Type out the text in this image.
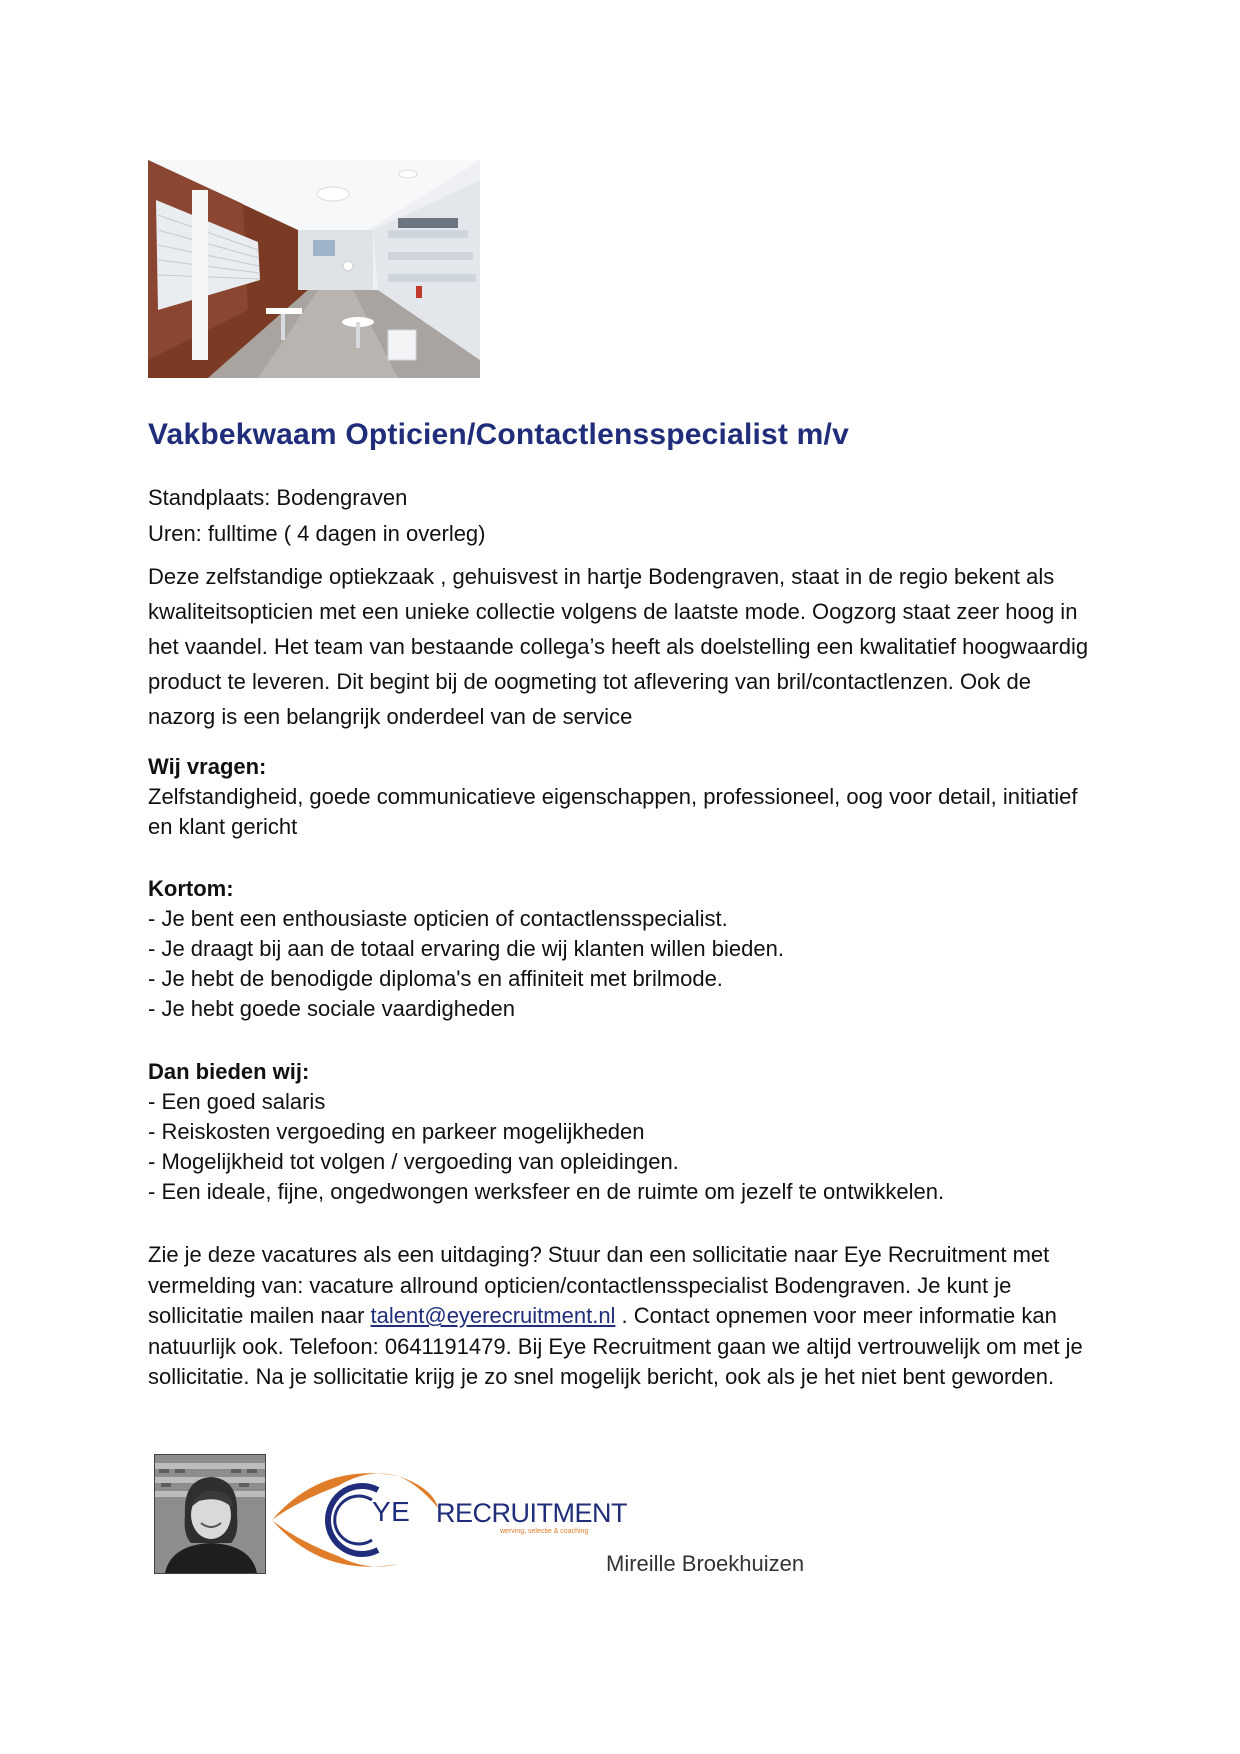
Vakbekwaam Opticien/Contactlensspecialist m/v
Standplaats: Bodengraven
Uren: fulltime ( 4 dagen in overleg)

Deze zelfstandige optiekzaak , gehuisvest in hartje Bodengraven, staat in de regio bekent als kwaliteitsopticien met een unieke collectie volgens de laatste mode. Oogzorg staat zeer hoog in het vaandel. Het team van bestaande collega’s heeft als doelstelling een kwalitatief hoogwaardig product te leveren. Dit begint bij de oogmeting tot aflevering van bril/contactlenzen. Ook de nazorg is een belangrijk onderdeel van de service

Wij vragen:

Zelfstandigheid, goede communicatieve eigenschappen, professioneel, oog voor detail, initiatief en klant gericht

Kortom:
- Je bent een enthousiaste opticien of contactlensspecialist.
- Je draagt bij aan de totaal ervaring die wij klanten willen bieden.
- Je hebt de benodigde diploma's en affiniteit met brilmode.
- Je hebt goede sociale vaardigheden
Dan bieden wij:
- Een goed salaris
- Reiskosten vergoeding en parkeer mogelijkheden
- Mogelijkheid tot volgen / vergoeding van opleidingen.
- Een ideale, fijne, ongedwongen werksfeer en de ruimte om jezelf te ontwikkelen.

Zie je deze vacatures als een uitdaging? Stuur dan een sollicitatie naar Eye Recruitment met vermelding van: vacature allround opticien/contactlensspecialist Bodengraven. Je kunt je sollicitatie mailen naar talent@eyerecruitment.nl . Contact opnemen voor meer informatie kan natuurlijk ook. Telefoon: 0641191479. Bij Eye Recruitment gaan we altijd vertrouwelijk om met je sollicitatie. Na je sollicitatie krijg je zo snel mogelijk bericht, ook als je het niet bent geworden.

YE RECRUITMENT
werving, selectie & coaching
Mireille Broekhuizen
